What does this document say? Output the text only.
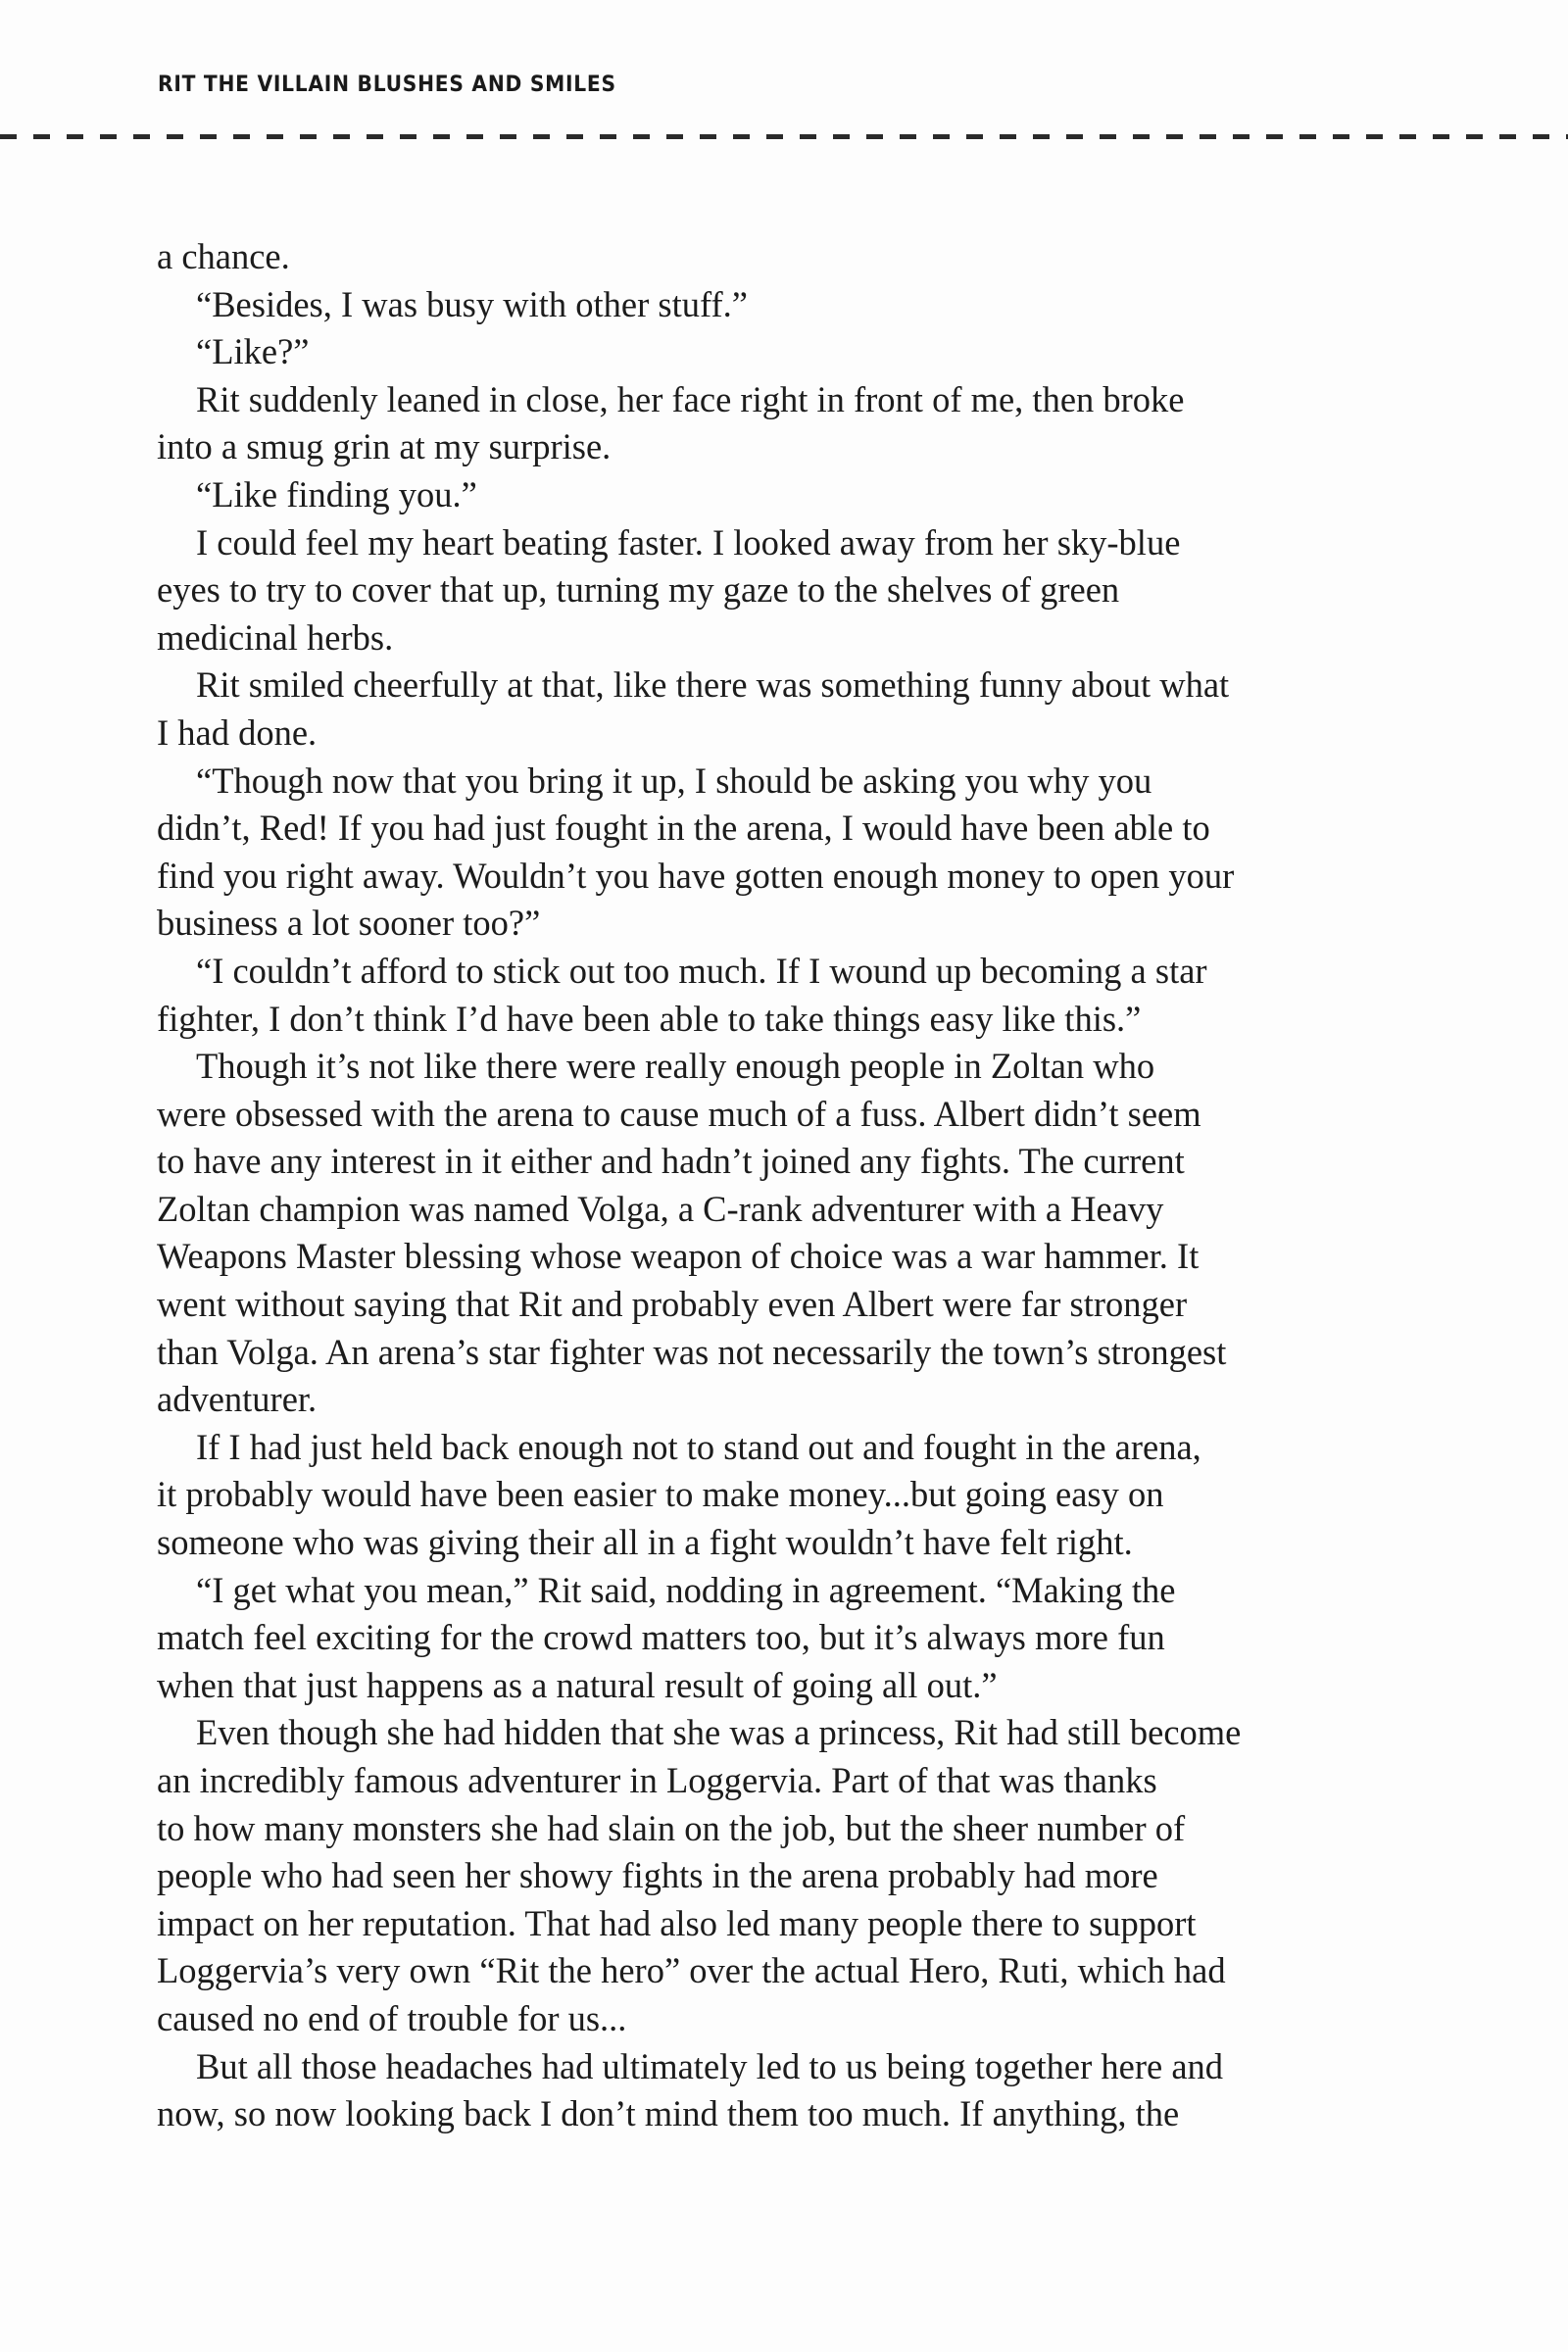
RIT THE VILLAIN BLUSHES AND SMILES
a chance.
“Besides, I was busy with other stuff.”
“Like?”
Rit suddenly leaned in close, her face right in front of me, then broke
into a smug grin at my surprise.
“Like finding you.”
I could feel my heart beating faster. I looked away from her sky-blue
eyes to try to cover that up, turning my gaze to the shelves of green
medicinal herbs.
Rit smiled cheerfully at that, like there was something funny about what
I had done.
“Though now that you bring it up, I should be asking you why you
didn’t, Red! If you had just fought in the arena, I would have been able to
find you right away. Wouldn’t you have gotten enough money to open your
business a lot sooner too?”
“I couldn’t afford to stick out too much. If I wound up becoming a star
fighter, I don’t think I’d have been able to take things easy like this.”
Though it’s not like there were really enough people in Zoltan who
were obsessed with the arena to cause much of a fuss. Albert didn’t seem
to have any interest in it either and hadn’t joined any fights. The current
Zoltan champion was named Volga, a C-rank adventurer with a Heavy
Weapons Master blessing whose weapon of choice was a war hammer. It
went without saying that Rit and probably even Albert were far stronger
than Volga. An arena’s star fighter was not necessarily the town’s strongest
adventurer.
If I had just held back enough not to stand out and fought in the arena,
it probably would have been easier to make money...but going easy on
someone who was giving their all in a fight wouldn’t have felt right.
“I get what you mean,” Rit said, nodding in agreement. “Making the
match feel exciting for the crowd matters too, but it’s always more fun
when that just happens as a natural result of going all out.”
Even though she had hidden that she was a princess, Rit had still become
an incredibly famous adventurer in Loggervia. Part of that was thanks
to how many monsters she had slain on the job, but the sheer number of
people who had seen her showy fights in the arena probably had more
impact on her reputation. That had also led many people there to support
Loggervia’s very own “Rit the hero” over the actual Hero, Ruti, which had
caused no end of trouble for us...
But all those headaches had ultimately led to us being together here and
now, so now looking back I don’t mind them too much. If anything, the
